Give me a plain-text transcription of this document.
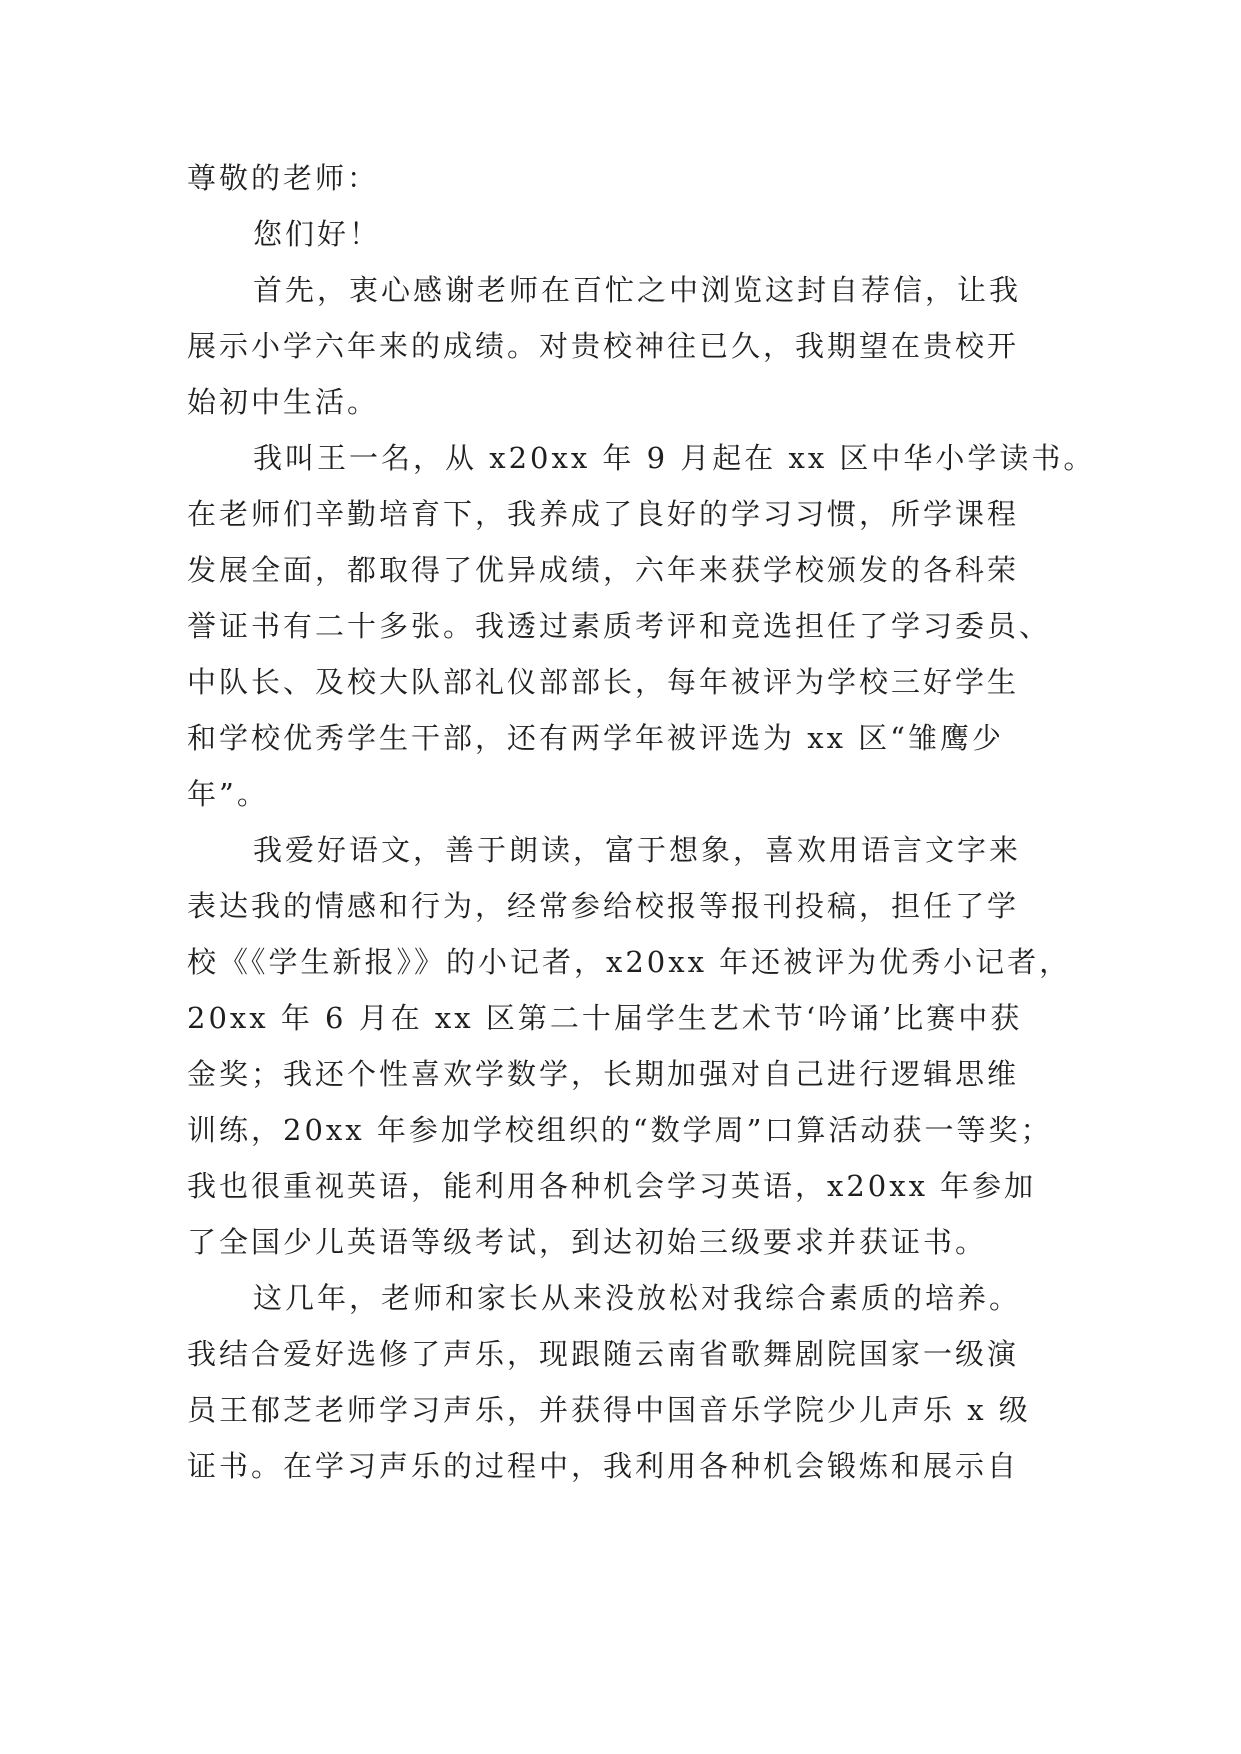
尊敬的老师：

您们好！

首先，衷心感谢老师在百忙之中浏览这封自荐信，让我

展示小学六年来的成绩。对贵校神往已久，我期望在贵校开

始初中生活。

我叫王一名，从 x20xx 年 9 月起在 xx 区中华小学读书。

在老师们辛勤培育下，我养成了良好的学习习惯，所学课程

发展全面，都取得了优异成绩，六年来获学校颁发的各科荣

誉证书有二十多张。我透过素质考评和竞选担任了学习委员、

中队长、及校大队部礼仪部部长，每年被评为学校三好学生

和学校优秀学生干部，还有两学年被评选为 xx 区“雏鹰少

年”。

我爱好语文，善于朗读，富于想象，喜欢用语言文字来

表达我的情感和行为，经常参给校报等报刊投稿，担任了学

校《《学生新报》》的小记者，x20xx 年还被评为优秀小记者，

20xx 年 6 月在 xx 区第二十届学生艺术节‘吟诵’比赛中获

金奖；我还个性喜欢学数学，长期加强对自己进行逻辑思维

训练，20xx 年参加学校组织的“数学周”口算活动获一等奖；

我也很重视英语，能利用各种机会学习英语，x20xx 年参加

了全国少儿英语等级考试，到达初始三级要求并获证书。

这几年，老师和家长从来没放松对我综合素质的培养。

我结合爱好选修了声乐，现跟随云南省歌舞剧院国家一级演

员王郁芝老师学习声乐，并获得中国音乐学院少儿声乐 x 级

证书。在学习声乐的过程中，我利用各种机会锻炼和展示自
